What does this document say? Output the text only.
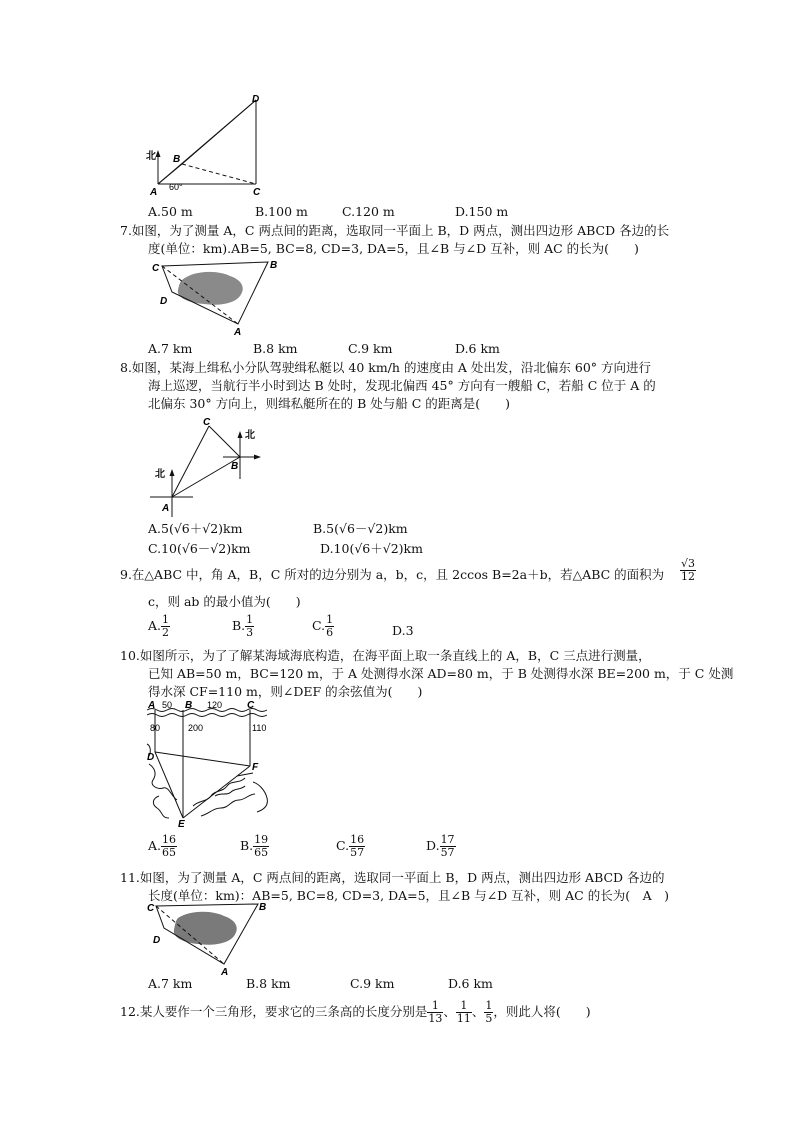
D
B
A	C
北
60°
A.50 m	B.100 m	C.120 m	D.150 m
7.如图，为了测量 A，C 两点间的距离，选取同一平面上 B，D 两点，测出四边形 ABCD 各边的长
度(单位：km).AB=5, BC=8, CD=3, DA=5，且∠B 与∠D 互补，则 AC 的长为(　　)
C	B
D
A
A.7 km	B.8 km	C.9 km	D.6 km
8.如图，某海上缉私小分队驾驶缉私艇以 40 km/h 的速度由 A 处出发，沿北偏东 60° 方向进行
海上巡逻，当航行半小时到达 B 处时，发现北偏西 45° 方向有一艘船 C，若船 C 位于 A 的
北偏东 30° 方向上，则缉私艇所在的 B 处与船 C 的距离是(　　)
C
B
A
北
北
A.5(√6＋√2)km	B.5(√6－√2)km
C.10(√6－√2)km	D.10(√6＋√2)km
9.在△ABC 中，角 A，B，C 所对的边分别为 a，b，c，且 2ccos B=2a＋b，若△ABC 的面积为 $\frac{√3}{12}$
c，则 ab 的最小值为(　　)
A. $\frac{1}{2}$	B. $\frac{1}{3}$	C. $\frac{1}{6}$	D.3
10.如图所示，为了了解某海域海底构造，在海平面上取一条直线上的 A，B，C 三点进行测量，
已知 AB=50 m，BC=120 m，于 A 处测得水深 AD=80 m，于 B 处测得水深 BE=200 m，于 C 处测
得水深 CF=110 m，则∠DEF 的余弦值为(　　)
A	B	C
50	120
80	200	110
D
F
E
A. $\frac{16}{65}$	B. $\frac{19}{65}$	C. $\frac{16}{57}$	D. $\frac{17}{57}$
11.如图，为了测量 A，C 两点间的距离，选取同一平面上 B，D 两点，测出四边形 ABCD 各边的
长度(单位：km)：AB=5, BC=8, CD=3, DA=5，且∠B 与∠D 互补，则 AC 的长为(　A　)
C	B
D
A
A.7 km	B.8 km	C.9 km	D.6 km
12.某人要作一个三角形，要求它的三条高的长度分别是 $\frac{1}{13}$ 、 $\frac{1}{11}$ 、 $\frac{1}{5}$ ，则此人将(　　)
